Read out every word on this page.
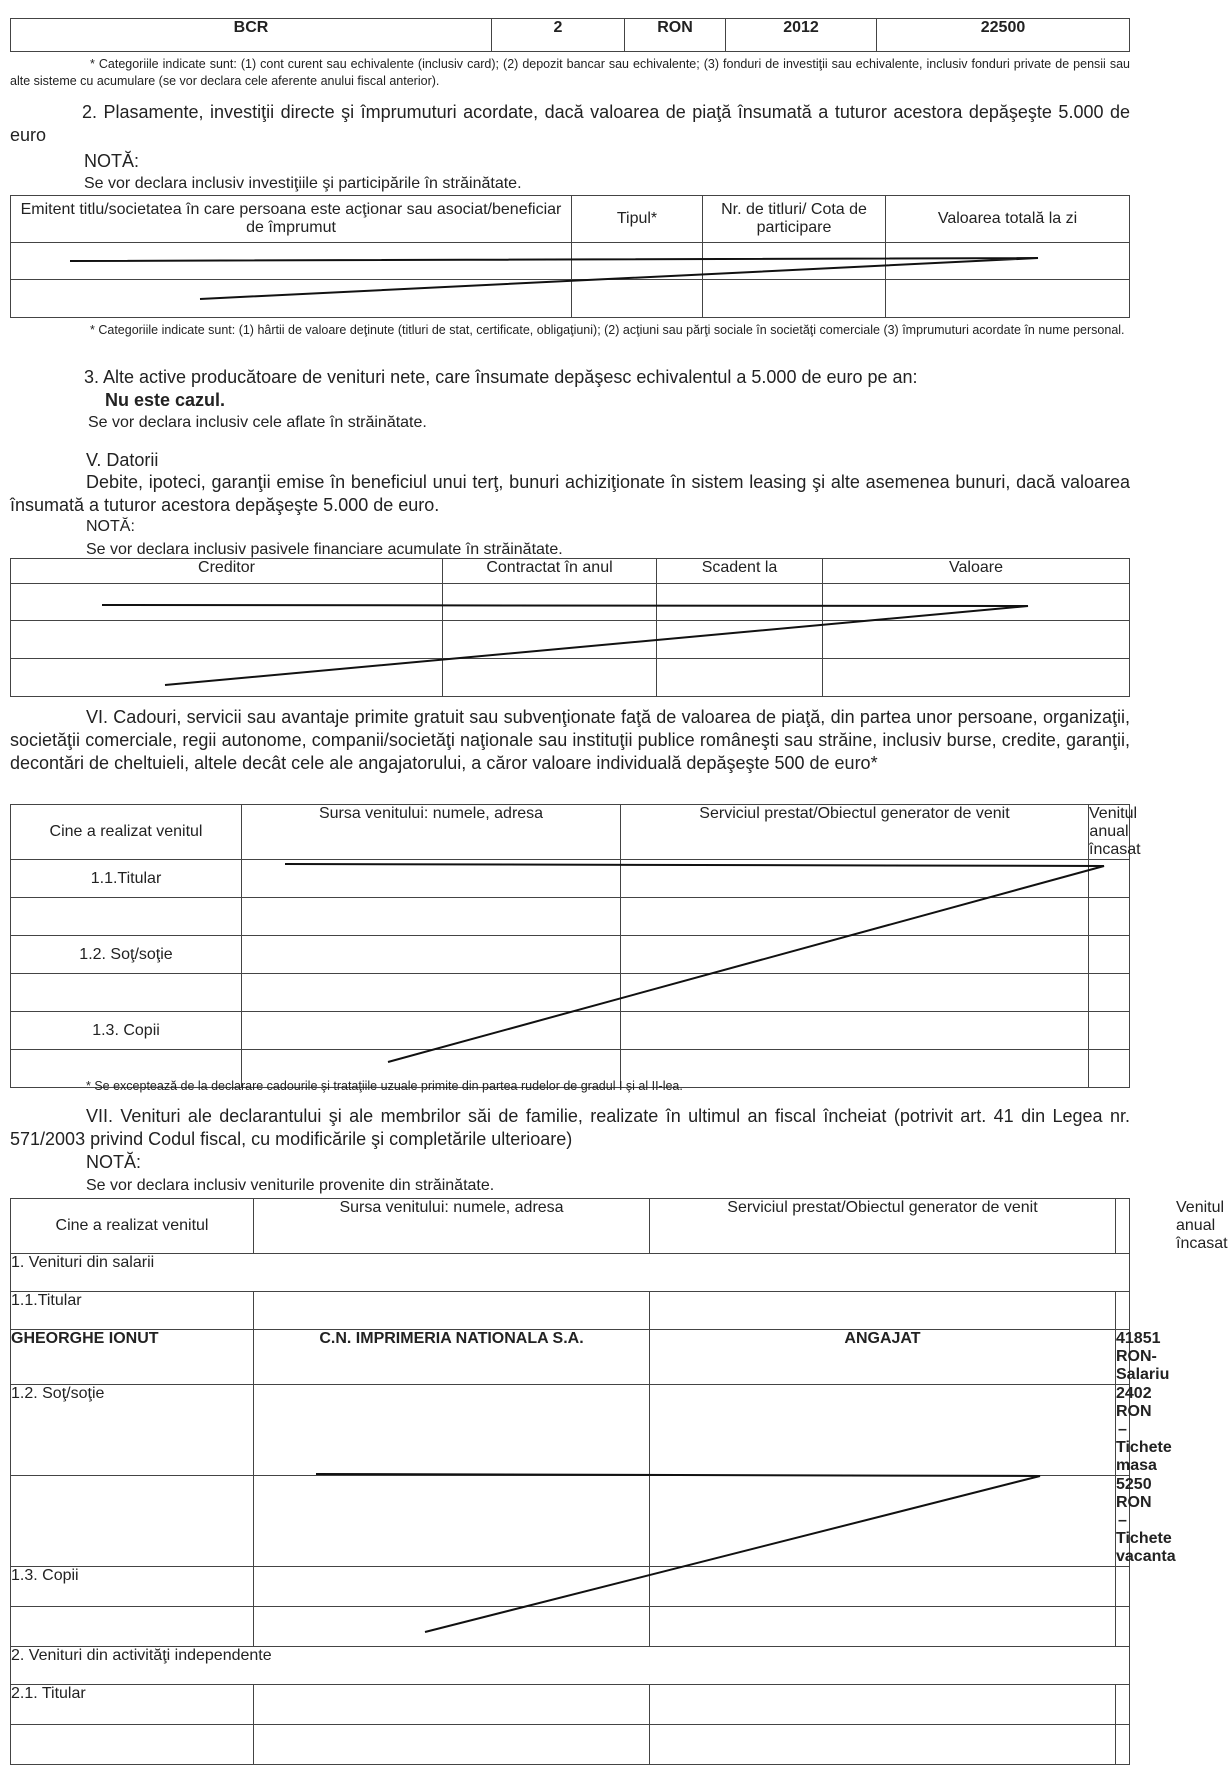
BCR	2	RON	2012	22500
* Categoriile indicate sunt: (1) cont curent sau echivalente (inclusiv card); (2) depozit bancar sau echivalente; (3) fonduri de investiţii sau echivalente, inclusiv fonduri private de pensii sau alte sisteme cu acumulare (se vor declara cele aferente anului fiscal anterior).
2. Plasamente, investiţii directe şi împrumuturi acordate, dacă valoarea de piaţă însumată a tuturor acestora depăşeşte 5.000 de euro
NOTĂ:
Se vor declara inclusiv investiţiile şi participările în străinătate.
Emitent titlu/societatea în care persoana este acţionar sau asociat/beneficiar de împrumut	Tipul*	Nr. de titluri/ Cota de participare	Valoarea totală la zi

* Categoriile indicate sunt: (1) hârtii de valoare deţinute (titluri de stat, certificate, obligaţiuni); (2) acţiuni sau părţi sociale în societăţi comerciale (3) împrumuturi acordate în nume personal.
3. Alte active producătoare de venituri nete, care însumate depăşesc echivalentul a 5.000 de euro pe an:
Nu este cazul.
Se vor declara inclusiv cele aflate în străinătate.
V. Datorii
Debite, ipoteci, garanţii emise în beneficiul unui terţ, bunuri achiziţionate în sistem leasing şi alte asemenea bunuri, dacă valoarea însumată a tuturor acestora depăşeşte 5.000 de euro.
NOTĂ:
Se vor declara inclusiv pasivele financiare acumulate în străinătate.
Creditor	Contractat în anul	Scadent la	Valoare

VI. Cadouri, servicii sau avantaje primite gratuit sau subvenţionate faţă de valoarea de piaţă, din partea unor persoane, organizaţii, societăţii comerciale, regii autonome, companii/societăţi naţionale sau instituţii publice româneşti sau străine, inclusiv burse, credite, garanţii, decontări de cheltuieli, altele decât cele ale angajatorului, a căror valoare individuală depăşeşte 500 de euro*
Cine a realizat venitul	Sursa venitului: numele, adresa	Serviciul prestat/Obiectul generator de venit	Venitul anual încasat
1.1.Titular			

1.2. Soţ/soţie			

1.3. Copii			

* Se exceptează de la declarare cadourile şi trataţiile uzuale primite din partea rudelor de gradul I şi al II-lea.
VII. Venituri ale declarantului şi ale membrilor săi de familie, realizate în ultimul an fiscal încheiat (potrivit art. 41 din Legea nr. 571/2003 privind Codul fiscal, cu modificările şi completările ulterioare)
NOTĂ:
Se vor declara inclusiv veniturile provenite din străinătate.
Cine a realizat venitul	Sursa venitului: numele, adresa	Serviciul prestat/Obiectul generator de venit	Venitul anual încasat
1. Venituri din salarii			
1.1.Titular			
GHEORGHE IONUT	C.N. IMPRIMERIA NATIONALA S.A.	ANGAJAT	41851 RON-Salariu
1.2. Soţ/soţie			2402 RON –Tichete masa
			5250 RON – Tichete vacanta
1.3. Copii			

2. Venituri din activităţi independente			
2.1. Titular			
